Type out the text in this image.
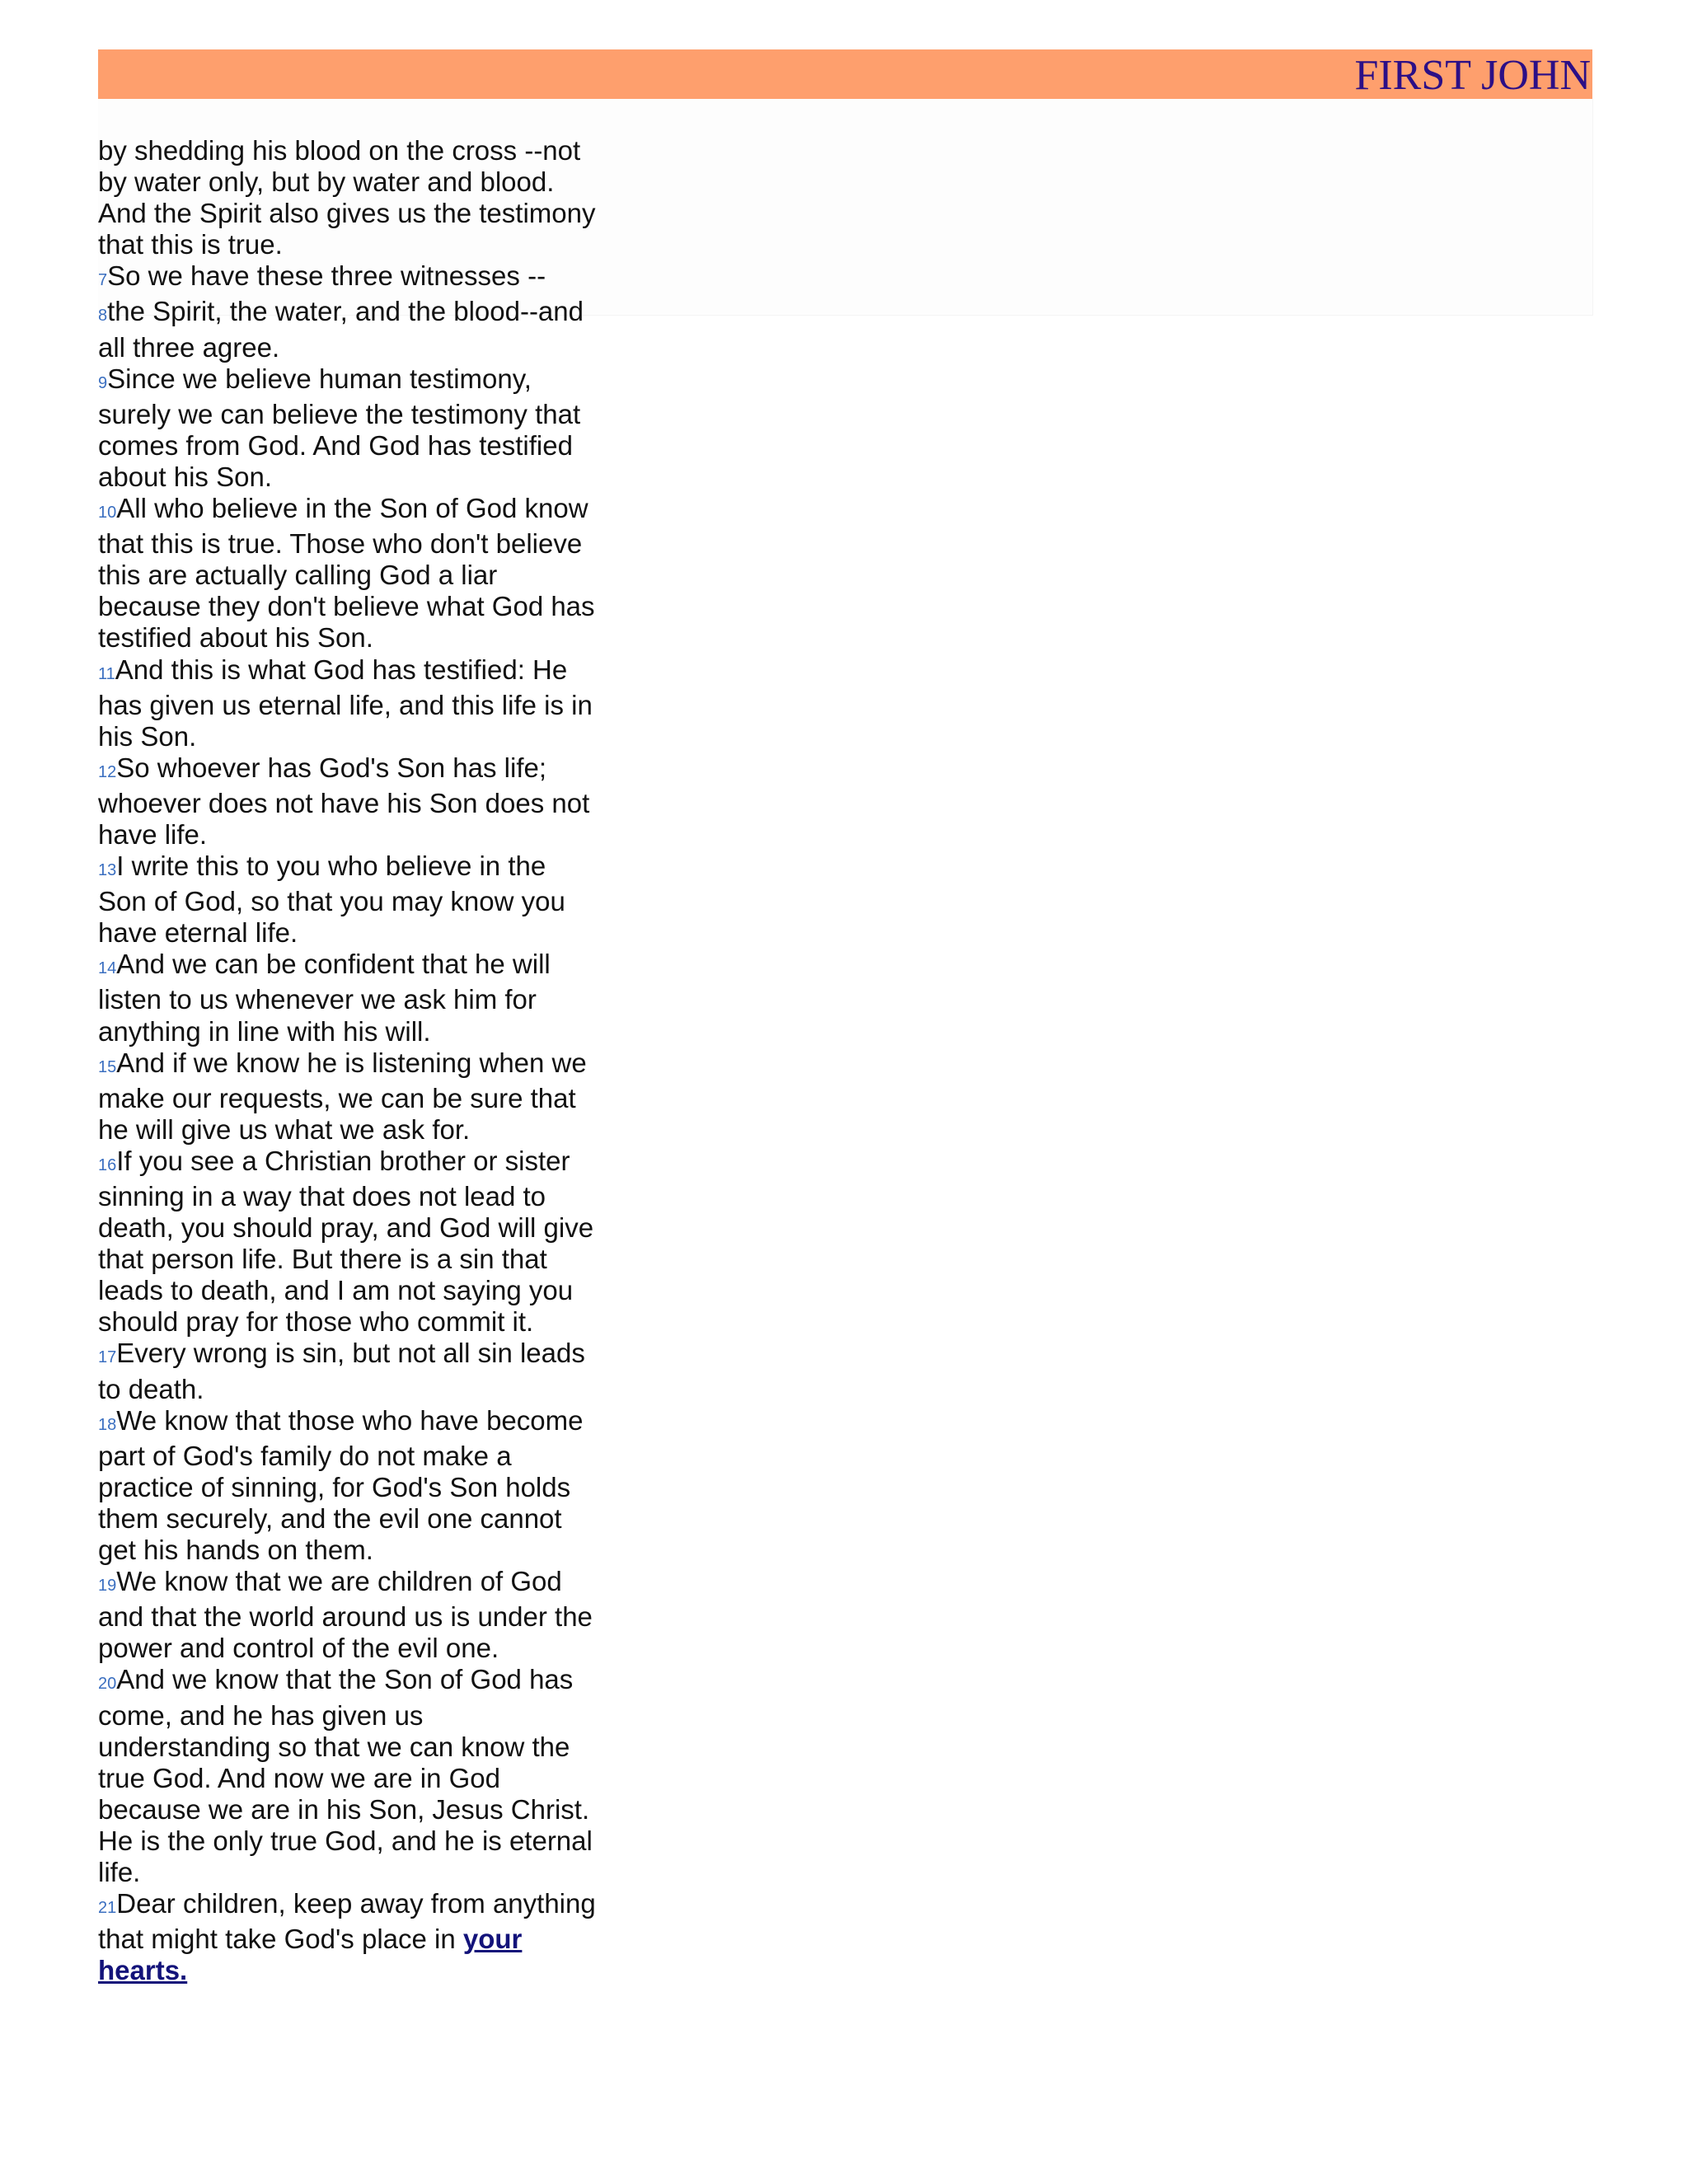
FIRST JOHN
by shedding his blood on the cross --not by water only, but by water and blood. And the Spirit also gives us the testimony that this is true.
7So we have these three witnesses --
8the Spirit, the water, and the blood--and all three agree.
9Since we believe human testimony, surely we can believe the testimony that comes from God. And God has testified about his Son.
10All who believe in the Son of God know that this is true. Those who don't believe this are actually calling God a liar because they don't believe what God has testified about his Son.
11And this is what God has testified: He has given us eternal life, and this life is in his Son.
12So whoever has God's Son has life; whoever does not have his Son does not have life.
13I write this to you who believe in the Son of God, so that you may know you have eternal life.
14And we can be confident that he will listen to us whenever we ask him for anything in line with his will.
15And if we know he is listening when we make our requests, we can be sure that he will give us what we ask for.
16If you see a Christian brother or sister sinning in a way that does not lead to death, you should pray, and God will give that person life. But there is a sin that leads to death, and I am not saying you should pray for those who commit it.
17Every wrong is sin, but not all sin leads to death.
18We know that those who have become part of God's family do not make a practice of sinning, for God's Son holds them securely, and the evil one cannot get his hands on them.
19We know that we are children of God and that the world around us is under the power and control of the evil one.
20And we know that the Son of God has come, and he has given us understanding so that we can know the true God. And now we are in God because we are in his Son, Jesus Christ. He is the only true God, and he is eternal life.
21Dear children, keep away from anything that might take God's place in your hearts.
